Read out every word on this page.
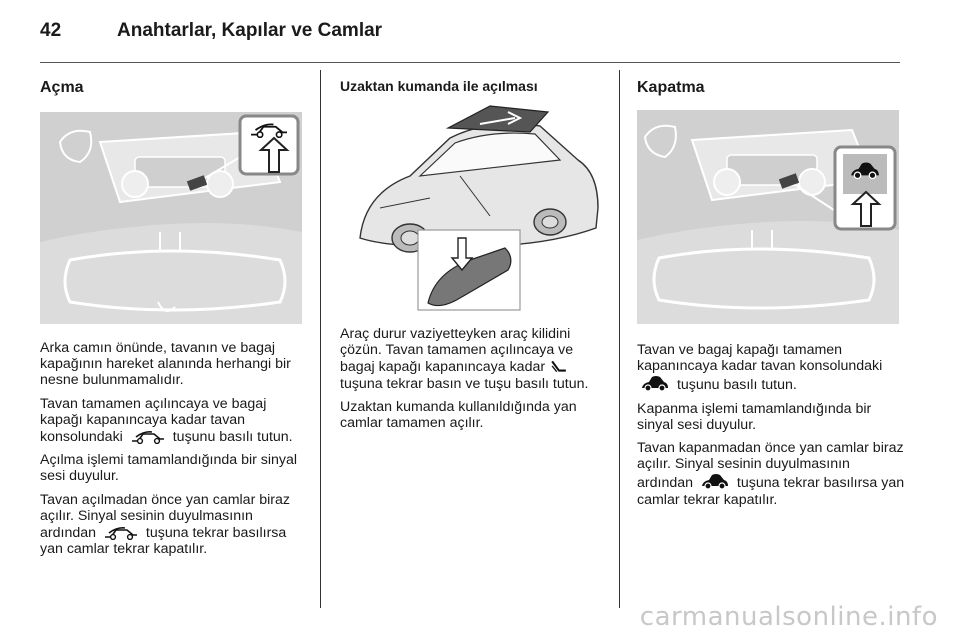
42	Anahtarlar, Kapılar ve Camlar
Açma

Arka camın önünde, tavanın ve bagaj kapağının hareket alanında herhangi bir nesne bulunmamalıdır.

Tavan tamamen açılıncaya ve bagaj kapağı kapanıncaya kadar tavan konsolundaki	tuşunu basılı tutun.

Açılma işlemi tamamlandığında bir sinyal sesi duyulur.

Tavan açılmadan önce yan camlar biraz açılır. Sinyal sesinin duyulmasının ardından	tuşuna tekrar basılırsa yan camlar tekrar kapatılır.

Uzaktan kumanda ile açılması

Araç durur vaziyetteyken araç kilidini çözün. Tavan tamamen açılıncaya ve bagaj kapağı kapanıncaya kadar  tuşuna tekrar basın ve tuşu basılı tutun.

Uzaktan kumanda kullanıldığında yan camlar tamamen açılır.

Kapatma

Tavan ve bagaj kapağı tamamen kapanıncaya kadar tavan konsolundaki  tuşunu basılı tutun.

Kapanma işlemi tamamlandığında bir sinyal sesi duyulur.

Tavan kapanmadan önce yan camlar biraz açılır. Sinyal sesinin duyulmasının ardından	tuşuna tekrar basılırsa yan camlar tekrar kapatılır.

carmanualsonline.info
